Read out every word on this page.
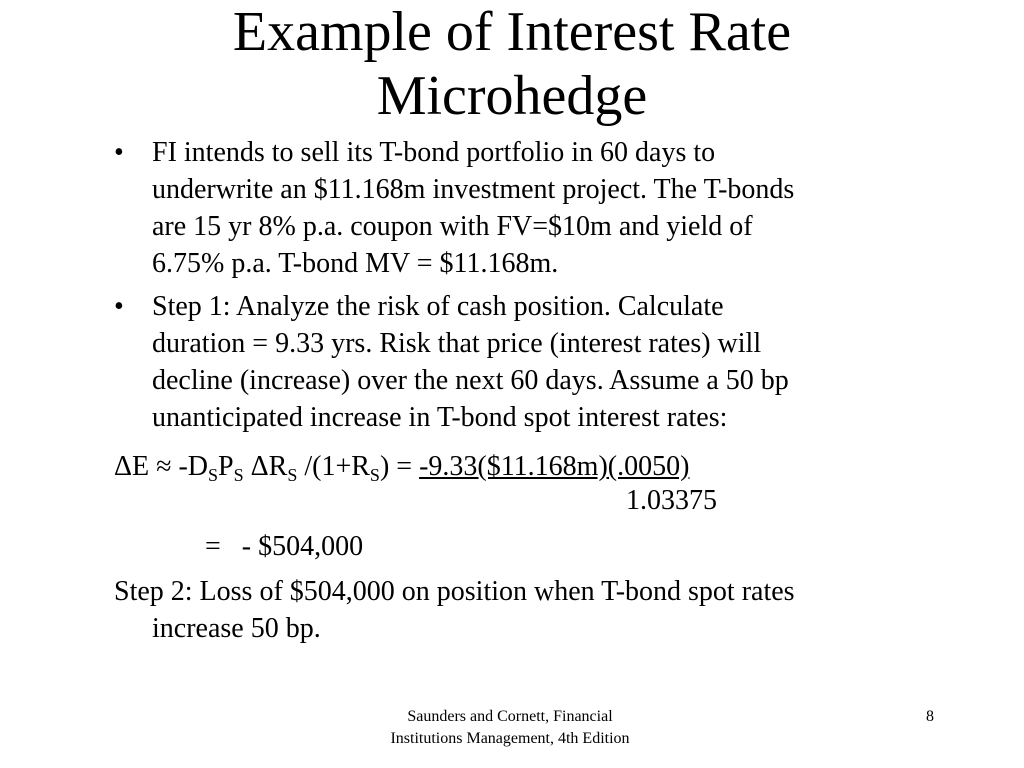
Example of Interest Rate
Microhedge
• FI intends to sell its T-bond portfolio in 60 days to
underwrite an $11.168m investment project. The T-bonds
are 15 yr 8% p.a. coupon with FV=$10m and yield of
6.75% p.a. T-bond MV = $11.168m.
• Step 1: Analyze the risk of cash position. Calculate
duration = 9.33 yrs. Risk that price (interest rates) will
decline (increase) over the next 60 days. Assume a 50 bp
unanticipated increase in T-bond spot interest rates:
$\Delta E \approx -D_SP_S$ $\Delta R_S$ $/(1+R_S)$ = -9.33($11.168m)(.0050)
1.03375
=   - $504,000
Step 2: Loss of $504,000 on position when T-bond spot rates
increase 50 bp.
Saunders and Cornett, Financial
Institutions Management, 4th Edition
8
